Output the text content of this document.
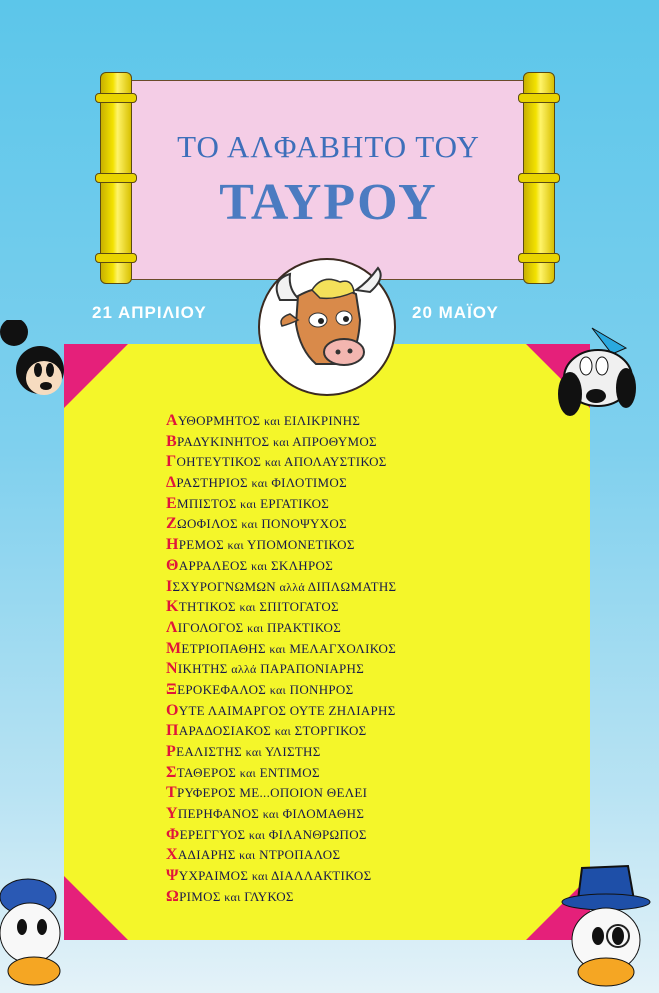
ΤΟ ΑΛΦΑΒΗΤΟ ΤΟΥ
ΤΑΥΡΟΥ
21 ΑΠΡΙΛΙΟΥ	20 ΜΑΪΟΥ
ΑΥΘΟΡΜΗΤΟΣ και ΕΙΛΙΚΡΙΝΗΣ
ΒΡΑΔΥΚΙΝΗΤΟΣ και ΑΠΡΟΘΥΜΟΣ
ΓΟΗΤΕΥΤΙΚΟΣ και ΑΠΟΛΑΥΣΤΙΚΟΣ
ΔΡΑΣΤΗΡΙΟΣ και ΦΙΛΟΤΙΜΟΣ
ΕΜΠΙΣΤΟΣ και ΕΡΓΑΤΙΚΟΣ
ΖΩΟΦΙΛΟΣ και ΠΟΝΟΨΥΧΟΣ
ΗΡΕΜΟΣ και ΥΠΟΜΟΝΕΤΙΚΟΣ
ΘΑΡΡΑΛΕΟΣ και ΣΚΛΗΡΟΣ
ΙΣΧΥΡΟΓΝΩΜΩΝ αλλά ΔΙΠΛΩΜΑΤΗΣ
ΚΤΗΤΙΚΟΣ και ΣΠΙΤΟΓΑΤΟΣ
ΛΙΓΟΛΟΓΟΣ και ΠΡΑΚΤΙΚΟΣ
ΜΕΤΡΙΟΠΑΘΗΣ και ΜΕΛΑΓΧΟΛΙΚΟΣ
ΝΙΚΗΤΗΣ αλλά ΠΑΡΑΠΟΝΙΑΡΗΣ
ΞΕΡΟΚΕΦΑΛΟΣ και ΠΟΝΗΡΟΣ
ΟΥΤΕ ΛΑΙΜΑΡΓΟΣ ΟΥΤΕ ΖΗΛΙΑΡΗΣ
ΠΑΡΑΔΟΣΙΑΚΟΣ και ΣΤΟΡΓΙΚΟΣ
ΡΕΑΛΙΣΤΗΣ και ΥΛΙΣΤΗΣ
ΣΤΑΘΕΡΟΣ και ΕΝΤΙΜΟΣ
ΤΡΥΦΕΡΟΣ ΜΕ...ΟΠΟΙΟΝ ΘΕΛΕΙ
ΥΠΕΡΗΦΑΝΟΣ και ΦΙΛΟΜΑΘΗΣ
ΦΕΡΕΓΓΥΟΣ και ΦΙΛΑΝΘΡΩΠΟΣ
ΧΑΔΙΑΡΗΣ και ΝΤΡΟΠΑΛΟΣ
ΨΥΧΡΑΙΜΟΣ και ΔΙΑΛΛΑΚΤΙΚΟΣ
ΩΡΙΜΟΣ και ΓΛΥΚΟΣ
